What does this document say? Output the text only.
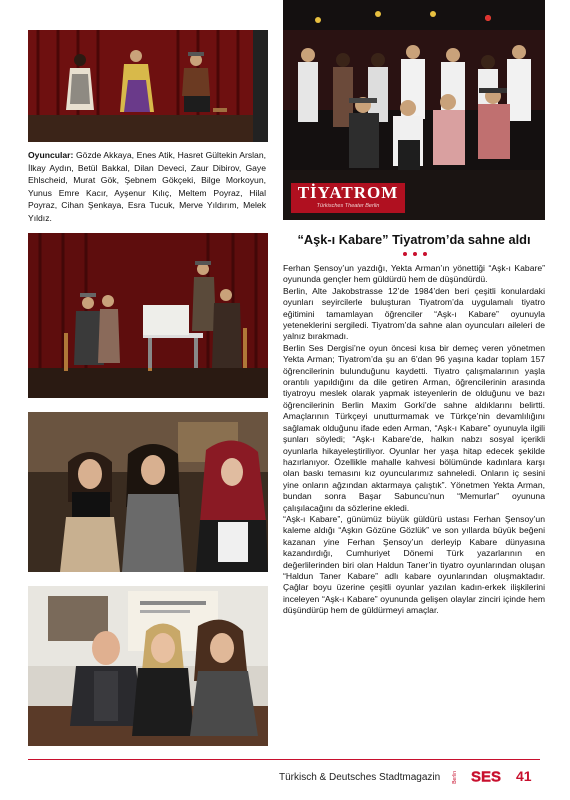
TİYATROM
Türkisches Theater Berlin
Oyuncular: Gözde Akkaya, Enes Atik, Hasret Gültekin Arslan, İlkay Aydın, Betül Bakkal, Dilan Deveci, Zaur Dibirov, Gaye Ehlscheid, Murat Gök, Şebnem Gökçeki, Bilge Morkoyun, Yunus Emre Kacır, Ayşenur Kılıç, Meltem Poyraz, Hilal Poyraz, Cihan Şenkaya, Esra Tucuk, Merve Yıldırım, Melek Yıldız.
“Aşk-ı Kabare” Tiyatrom’da sahne aldı

Ferhan Şensoy’un yazdığı, Yekta Arman’ın yönettiği “Aşk-ı Kabare” oyununda gençler hem güldürdü hem de düşündürdü.

Berlin, Alte Jakobstrasse 12’de 1984’den beri çeşitli konulardaki oyunları seyircilerle buluşturan Tiyatrom’da uygulamalı tiyatro eğitimini tamamlayan öğrenciler “Aşk-ı Kabare” oyunuyla yeteneklerini sergiledi. Tiyatrom’da sahne alan oyuncuları aileleri de yalnız bırakmadı.

Berlin Ses Dergisi’ne oyun öncesi kısa bir demeç veren yönetmen Yekta Arman; Tiyatrom’da şu an 6’dan 96 yaşına kadar toplam 157 öğrencilerinin bulunduğunu kaydetti. Tiyatro çalışmalarının yaşla orantılı yapıldığını da dile getiren Arman, öğrencilerinin arasında tiyatroyu meslek olarak yapmak isteyenlerin de olduğunu ve bazı öğrencilerinin Berlin Maxim Gorki’de sahne aldıklarını belirtti. Amaçlarının Türkçeyi unutturmamak ve Türkçe’nin devamlılığını sağlamak olduğunu ifade eden Arman, “Aşk-ı Kabare” oyunuyla ilgili şunları söyledi; “Aşk-ı Kabare’de, halkın nabzı sosyal içerikli oyunlarla hikayeleştiriliyor. Oyunlar her yaşa hitap edecek şekilde hazırlanıyor. Özellikle mahalle kahvesi bölümünde kadınlara karşı olan baskı temasını kız oyuncularımız sahneledi. Onların iç sesini yine onların ağzından aktarmaya çalıştık”. Yönetmen Yekta Arman, bundan sonra Başar Sabuncu’nun “Memurlar” oyununa çalışılacağını da sözlerine ekledi.

“Aşk-ı Kabare”, günümüz büyük güldürü ustası Ferhan Şensoy’un kaleme aldığı “Aşkın Gözüne Gözlük” ve son yıllarda büyük beğeni kazanan yine Ferhan Şensoy’un derleyip Kabare dünyasına kazandırdığı, Cumhuriyet Dönemi Türk yazarlarının en değerlilerinden biri olan Haldun Taner’in tiyatro oyunlarından oluşan “Haldun Taner Kabare” adlı kabare oyunlarından oluşmaktadır. Çağlar boyu üzerine çeşitli oyunlar yazılan kadın-erkek ilişkilerini inceleyen “Aşk-ı Kabare” oyununda gelişen olaylar zinciri içinde hem düşündürüp hem de güldürmeyi amaçlar.

Türkisch & Deutsches Stadtmagazin Berlin SES 41
